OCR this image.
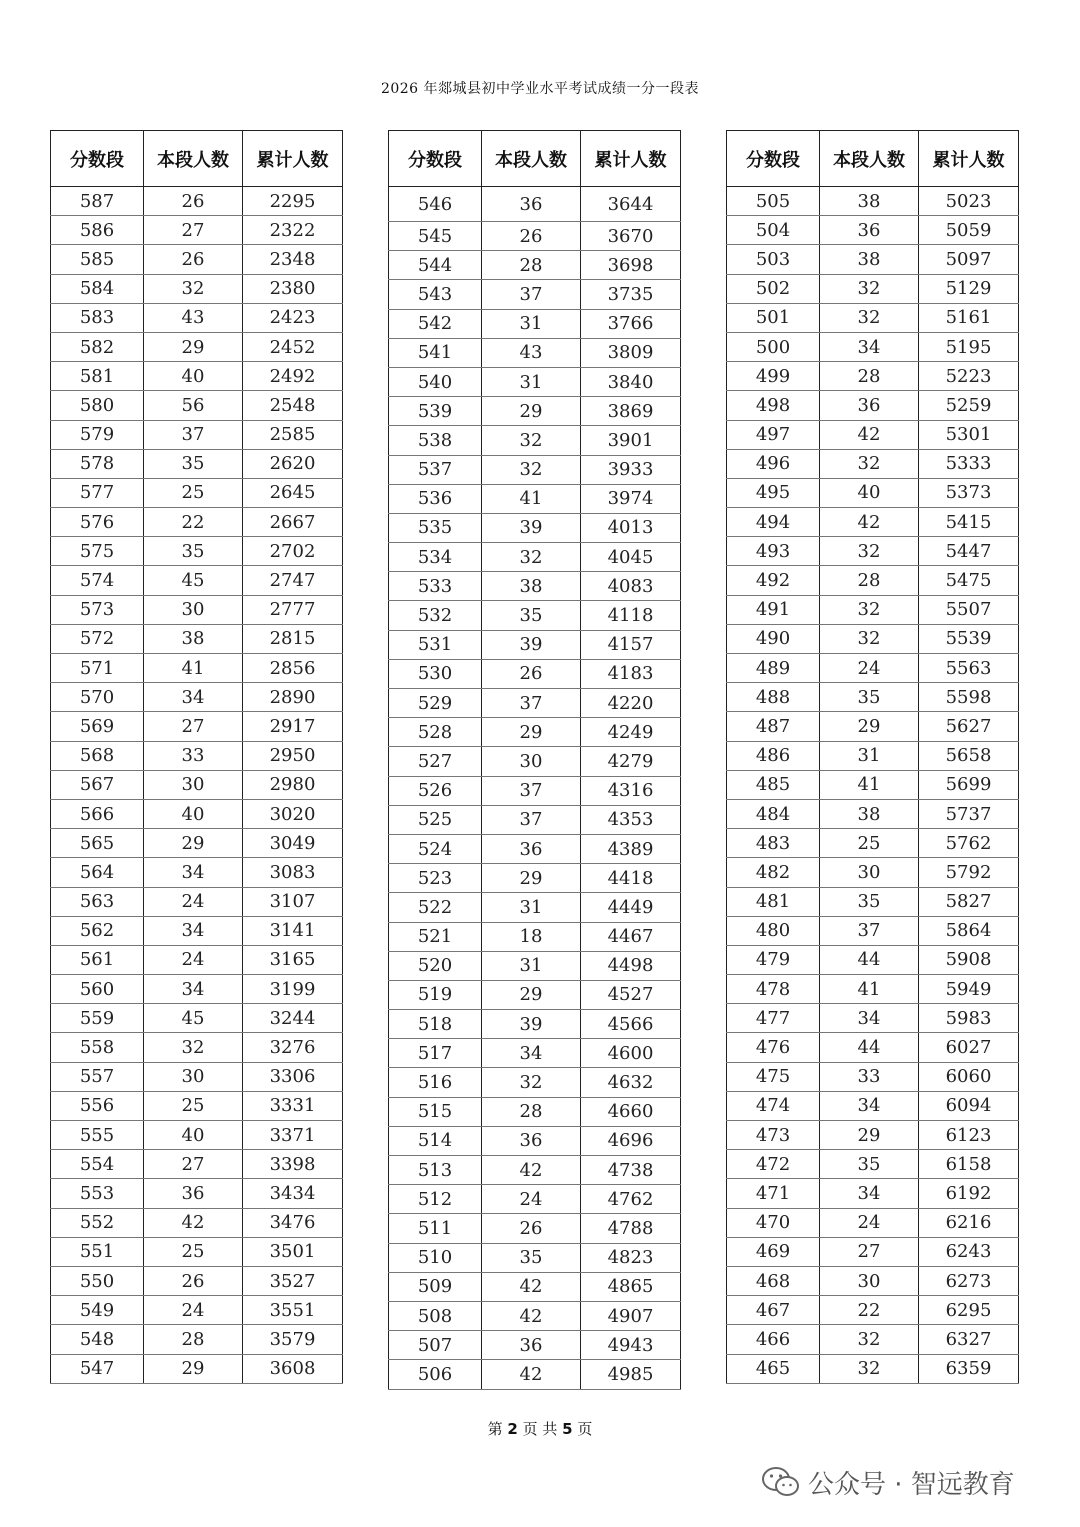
2026 年郯城县初中学业水平考试成绩一分一段表
分数段	本段人数	累计人数
587	26	2295
586	27	2322
585	26	2348
584	32	2380
583	43	2423
582	29	2452
581	40	2492
580	56	2548
579	37	2585
578	35	2620
577	25	2645
576	22	2667
575	35	2702
574	45	2747
573	30	2777
572	38	2815
571	41	2856
570	34	2890
569	27	2917
568	33	2950
567	30	2980
566	40	3020
565	29	3049
564	34	3083
563	24	3107
562	34	3141
561	24	3165
560	34	3199
559	45	3244
558	32	3276
557	30	3306
556	25	3331
555	40	3371
554	27	3398
553	36	3434
552	42	3476
551	25	3501
550	26	3527
549	24	3551
548	28	3579
547	29	3608
分数段	本段人数	累计人数
546	36	3644
545	26	3670
544	28	3698
543	37	3735
542	31	3766
541	43	3809
540	31	3840
539	29	3869
538	32	3901
537	32	3933
536	41	3974
535	39	4013
534	32	4045
533	38	4083
532	35	4118
531	39	4157
530	26	4183
529	37	4220
528	29	4249
527	30	4279
526	37	4316
525	37	4353
524	36	4389
523	29	4418
522	31	4449
521	18	4467
520	31	4498
519	29	4527
518	39	4566
517	34	4600
516	32	4632
515	28	4660
514	36	4696
513	42	4738
512	24	4762
511	26	4788
510	35	4823
509	42	4865
508	42	4907
507	36	4943
506	42	4985
分数段	本段人数	累计人数
505	38	5023
504	36	5059
503	38	5097
502	32	5129
501	32	5161
500	34	5195
499	28	5223
498	36	5259
497	42	5301
496	32	5333
495	40	5373
494	42	5415
493	32	5447
492	28	5475
491	32	5507
490	32	5539
489	24	5563
488	35	5598
487	29	5627
486	31	5658
485	41	5699
484	38	5737
483	25	5762
482	30	5792
481	35	5827
480	37	5864
479	44	5908
478	41	5949
477	34	5983
476	44	6027
475	33	6060
474	34	6094
473	29	6123
472	35	6158
471	34	6192
470	24	6216
469	27	6243
468	30	6273
467	22	6295
466	32	6327
465	32	6359
第 2 页 共 5 页
公众号 · 智远教育
